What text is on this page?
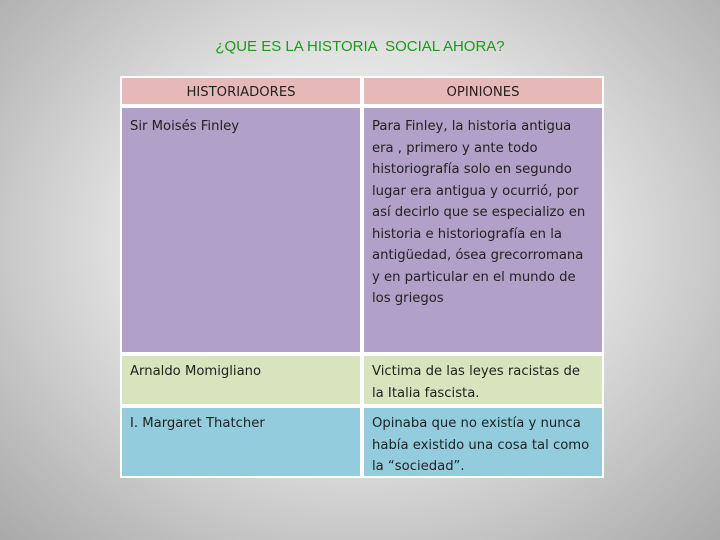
¿QUE ES LA HISTORIA  SOCIAL AHORA?
HISTORIADORES	OPINIONES
Sir Moisés Finley	Para Finley, la historia antigua era , primero y ante todo historiografía solo en segundo lugar era antigua y ocurrió, por así decirlo que se especializo en historia e historiografía en la antigüedad, ósea grecorromana y en particular en el mundo de los griegos
Arnaldo Momigliano	Victima de las leyes racistas de la Italia fascista.
I. Margaret Thatcher	Opinaba que no existía y nunca había existido una cosa tal como la “sociedad”.
